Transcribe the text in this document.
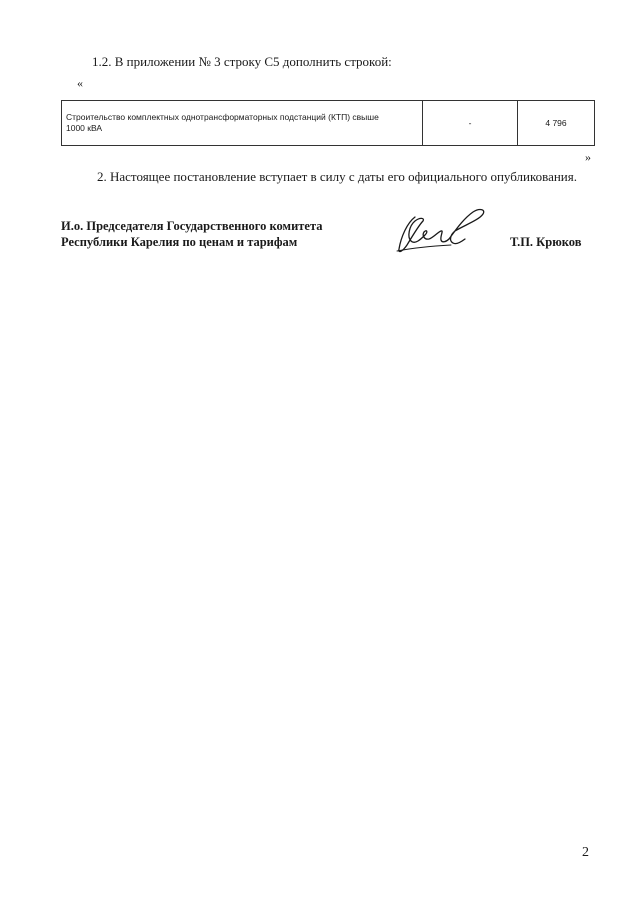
1.2. В приложении № 3 строку С5 дополнить строкой:
«
Строительство комплектных однотрансформаторных подстанций (КТП) свыше
1000 кВА	-	4 796
»
2. Настоящее постановление вступает в силу с даты его официального опубликования.
И.о. Председателя Государственного комитета
Республики Карелия по ценам и тарифам	Т.П. Крюков
2
